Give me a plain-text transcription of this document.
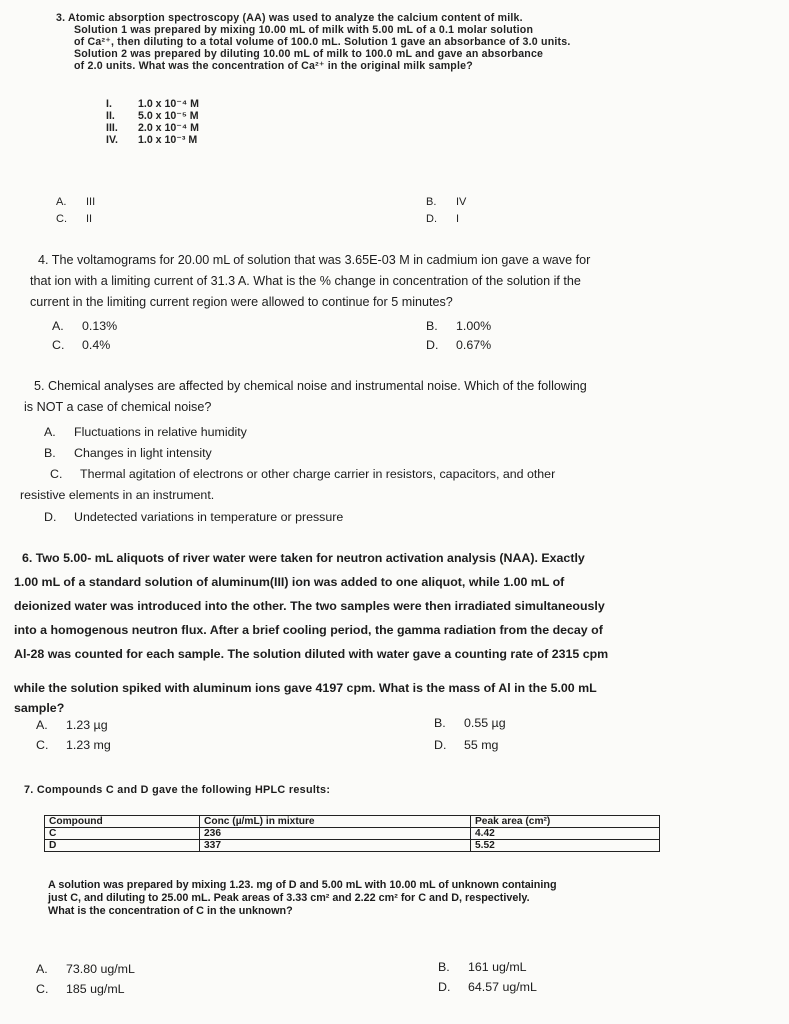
3. Atomic absorption spectroscopy (AA) was used to analyze the calcium content of milk.
Solution 1 was prepared by mixing 10.00 mL of milk with 5.00 mL of a 0.1 molar solution
of Ca²⁺, then diluting to a total volume of 100.0 mL. Solution 1 gave an absorbance of 3.0 units.
Solution 2 was prepared by diluting 10.00 mL of milk to 100.0 mL and gave an absorbance
of 2.0 units. What was the concentration of Ca²⁺ in the original milk sample?
I. 1.0 x 10⁻⁴ M
II. 5.0 x 10⁻⁵ M
III. 2.0 x 10⁻⁴ M
IV. 1.0 x 10⁻³ M
A. III	B. IV
C. II	D. I
4. The voltamograms for 20.00 mL of solution that was 3.65E-03 M in cadmium ion gave a wave for
that ion with a limiting current of 31.3 A. What is the % change in concentration of the solution if the
current in the limiting current region were allowed to continue for 5 minutes?
A. 0.13%	B. 1.00%
C. 0.4%	D. 0.67%
5. Chemical analyses are affected by chemical noise and instrumental noise. Which of the following
is NOT a case of chemical noise?
A. Fluctuations in relative humidity
B. Changes in light intensity
C. Thermal agitation of electrons or other charge carrier in resistors, capacitors, and other
resistive elements in an instrument.
D. Undetected variations in temperature or pressure
6. Two 5.00- mL aliquots of river water were taken for neutron activation analysis (NAA). Exactly
1.00 mL of a standard solution of aluminum(III) ion was added to one aliquot, while 1.00 mL of
deionized water was introduced into the other. The two samples were then irradiated simultaneously
into a homogenous neutron flux. After a brief cooling period, the gamma radiation from the decay of
Al-28 was counted for each sample. The solution diluted with water gave a counting rate of 2315 cpm
while the solution spiked with aluminum ions gave 4197 cpm. What is the mass of Al in the 5.00 mL
sample?
A. 1.23 µg	B. 0.55 µg
C. 1.23 mg	D. 55 mg
7. Compounds C and D gave the following HPLC results:
Compound	Conc (µ/mL) in mixture	Peak area (cm²)
C	236	4.42
D	337	5.52
A solution was prepared by mixing 1.23. mg of D and 5.00 mL with 10.00 mL of unknown containing
just C, and diluting to 25.00 mL. Peak areas of 3.33 cm² and 2.22 cm² for C and D, respectively.
What is the concentration of C in the unknown?
A. 73.80 ug/mL	B. 161 ug/mL
C. 185 ug/mL	D. 64.57 ug/mL
